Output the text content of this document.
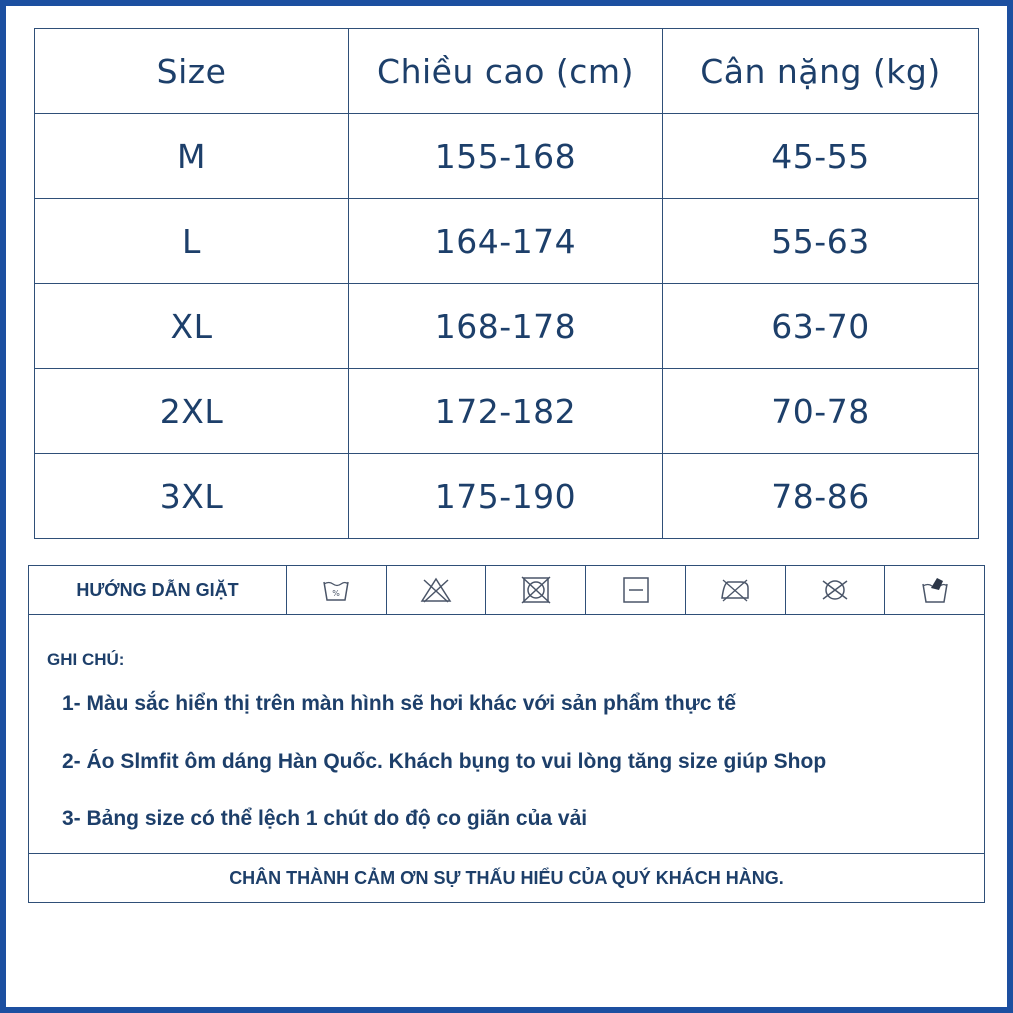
Size	Chiều cao (cm)	Cân nặng (kg)
M	155-168	45-55
L	164-174	55-63
XL	168-178	63-70
2XL	172-182	70-78
3XL	175-190	78-86
HƯỚNG DẪN GIẶT	%
GHI CHÚ:
1- Màu sắc hiển thị trên màn hình sẽ hơi khác với sản phẩm thực tế
2- Áo Slmfit ôm dáng Hàn Quốc. Khách bụng to vui lòng tăng size giúp Shop
3- Bảng size có thể lệch 1 chút do độ co giãn của vải
CHÂN THÀNH CẢM ƠN SỰ THẤU HIỂU CỦA QUÝ KHÁCH HÀNG.
